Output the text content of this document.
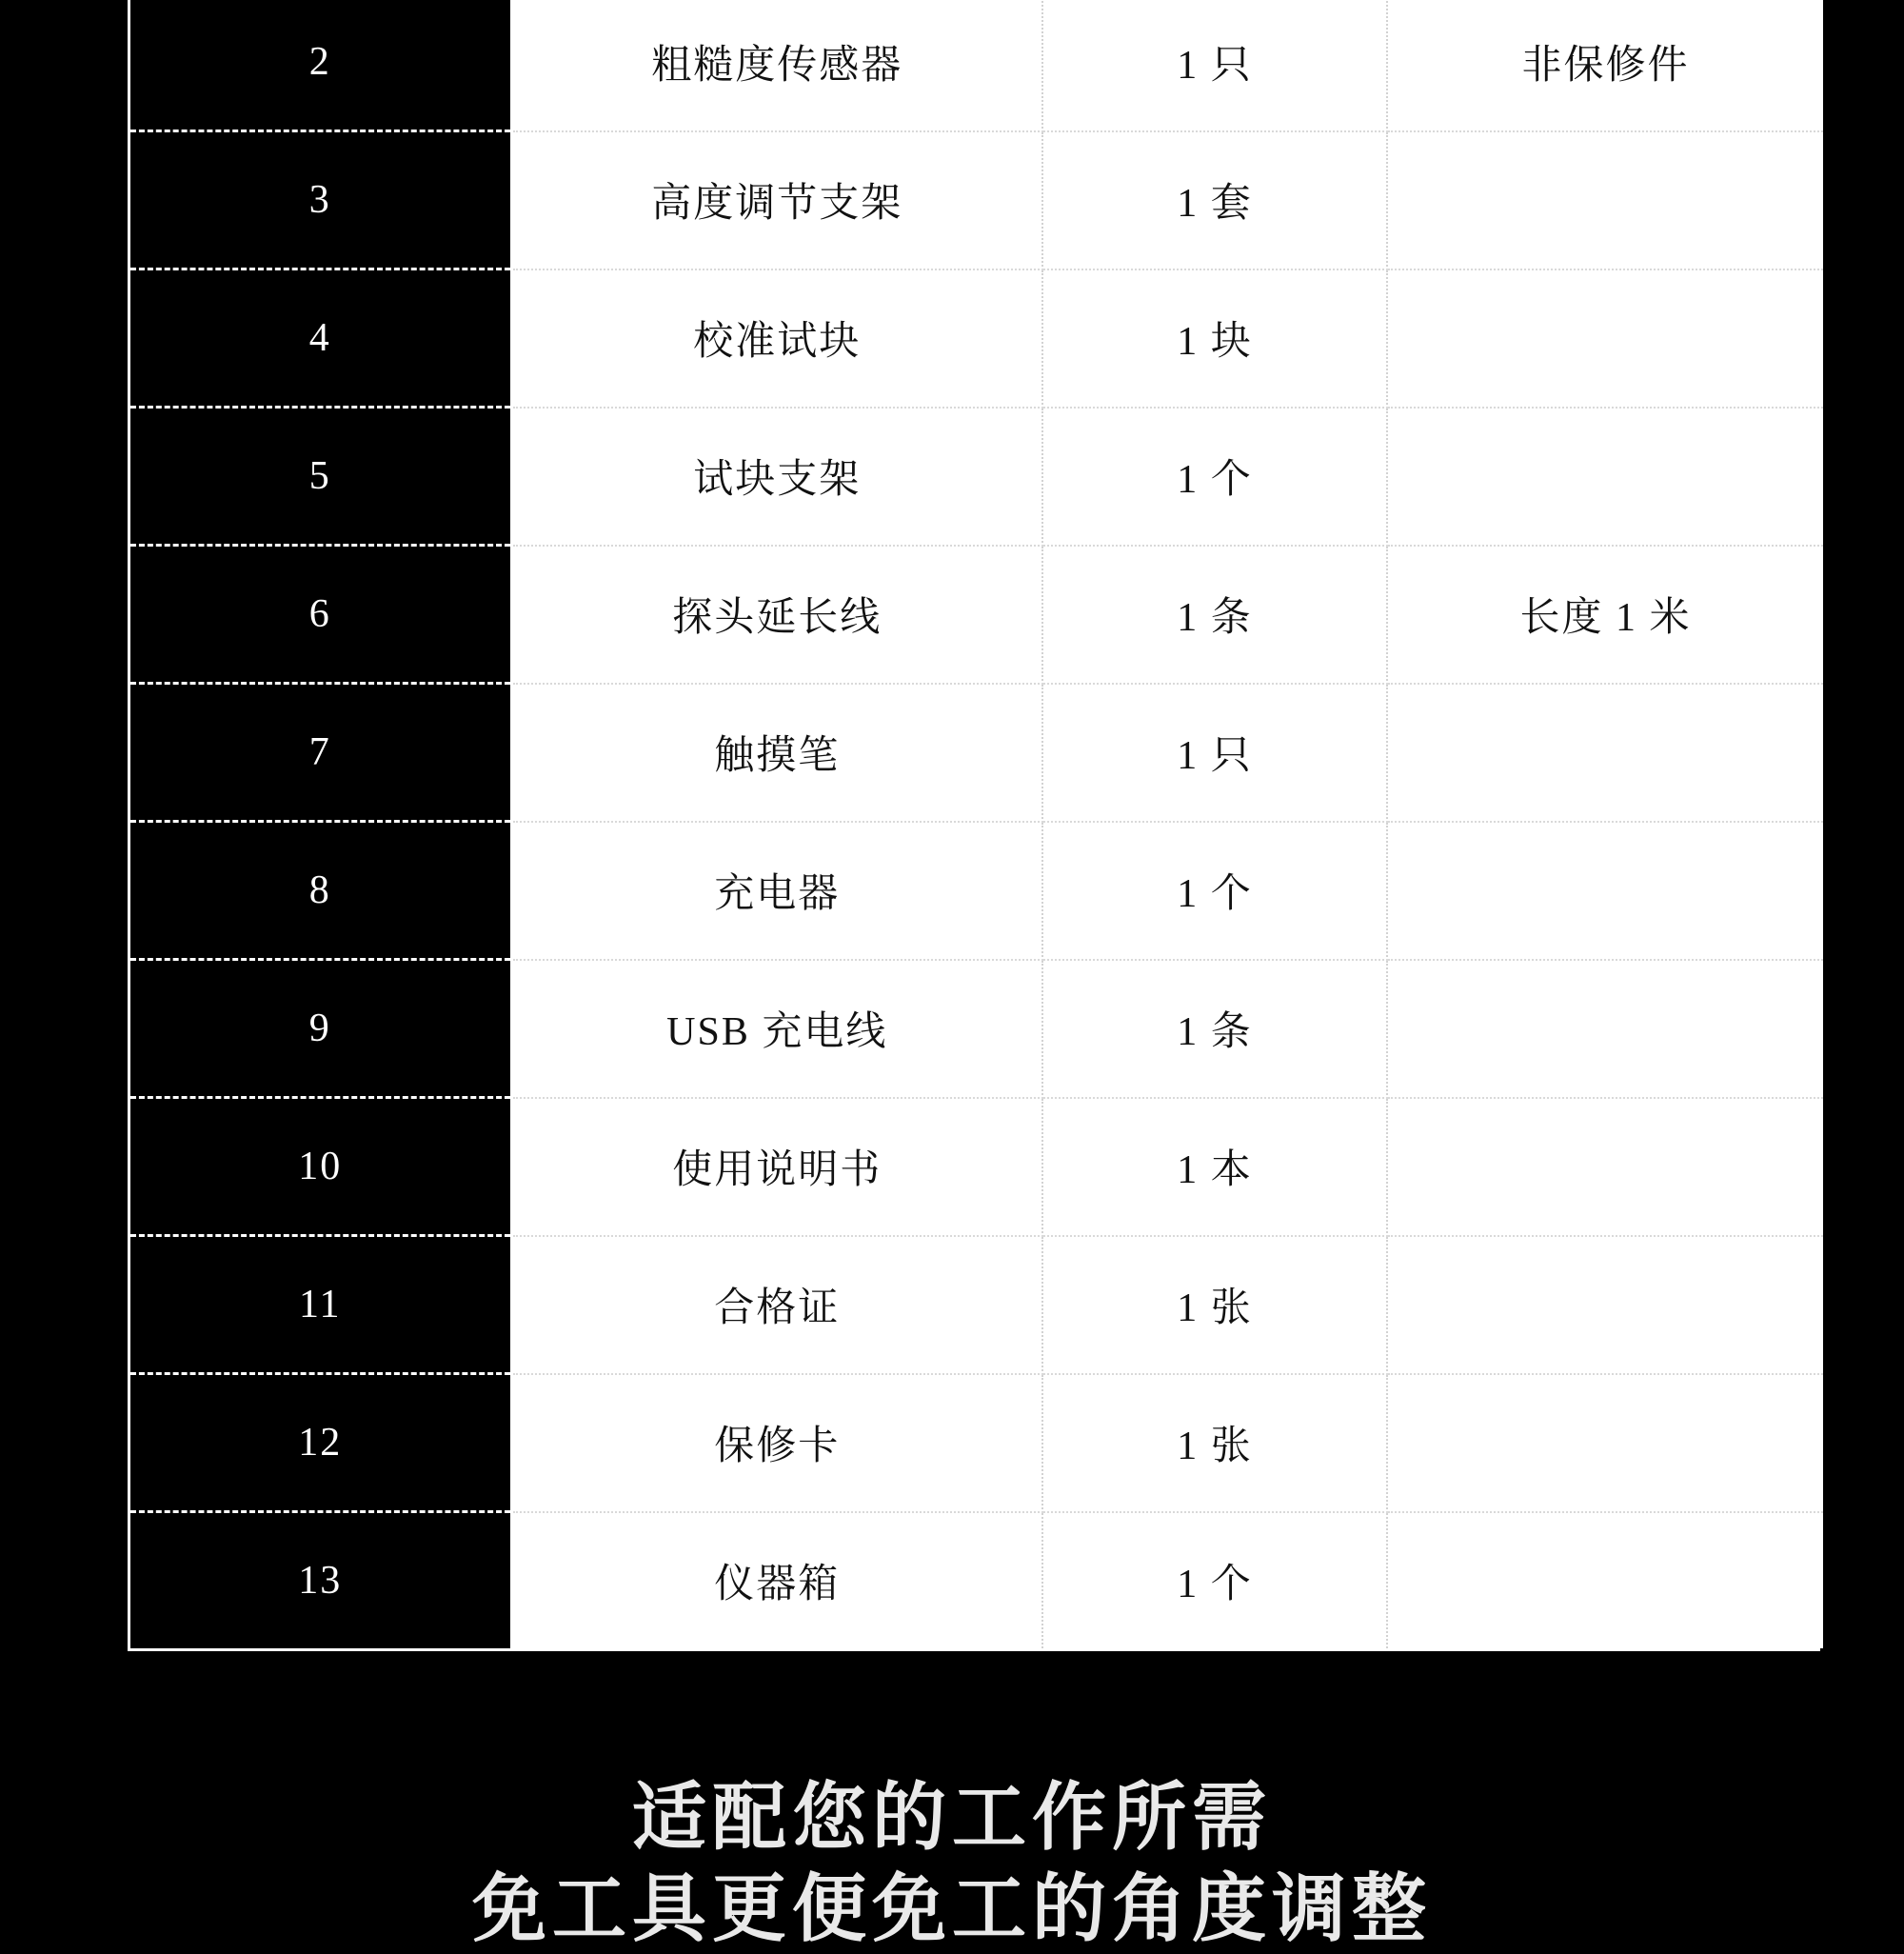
2	粗糙度传感器	1 只	非保修件
3	高度调节支架	1 套	
4	校准试块	1 块	
5	试块支架	1 个	
6	探头延长线	1 条	长度 1 米
7	触摸笔	1 只	
8	充电器	1 个	
9	USB 充电线	1 条	
10	使用说明书	1 本	
11	合格证	1 张	
12	保修卡	1 张	
13	仪器箱	1 个	
适配您的工作所需
免工具更便免工的角度调整
